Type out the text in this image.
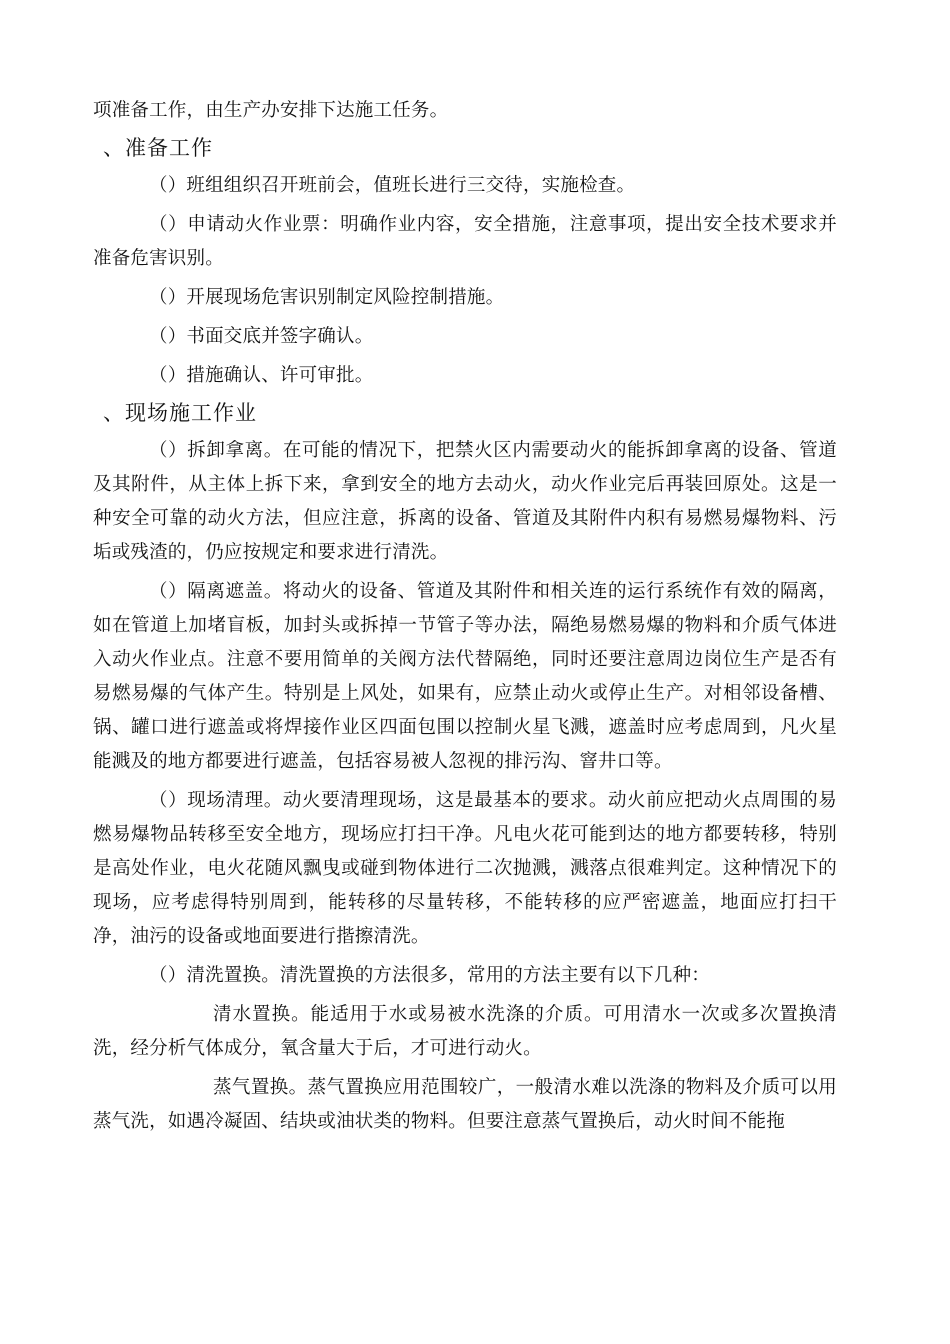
项准备工作，由生产办安排下达施工任务。

、准备工作

（）班组组织召开班前会，值班长进行三交待，实施检查。

（）申请动火作业票：明确作业内容，安全措施，注意事项，提出安全技术要求并准备危害识别。

（）开展现场危害识别制定风险控制措施。

（）书面交底并签字确认。

（）措施确认、许可审批。

、现场施工作业

（）拆卸拿离。在可能的情况下，把禁火区内需要动火的能拆卸拿离的设备、管道及其附件，从主体上拆下来，拿到安全的地方去动火，动火作业完后再装回原处。这是一种安全可靠的动火方法，但应注意，拆离的设备、管道及其附件内积有易燃易爆物料、污垢或残渣的，仍应按规定和要求进行清洗。

（）隔离遮盖。将动火的设备、管道及其附件和相关连的运行系统作有效的隔离，如在管道上加堵盲板，加封头或拆掉一节管子等办法，隔绝易燃易爆的物料和介质气体进入动火作业点。注意不要用简单的关阀方法代替隔绝，同时还要注意周边岗位生产是否有易燃易爆的气体产生。特别是上风处，如果有，应禁止动火或停止生产。对相邻设备槽、锅、罐口进行遮盖或将焊接作业区四面包围以控制火星飞溅，遮盖时应考虑周到，凡火星能溅及的地方都要进行遮盖，包括容易被人忽视的排污沟、窨井口等。

（）现场清理。动火要清理现场，这是最基本的要求。动火前应把动火点周围的易燃易爆物品转移至安全地方，现场应打扫干净。凡电火花可能到达的地方都要转移，特别是高处作业，电火花随风飘曳或碰到物体进行二次抛溅，溅落点很难判定。这种情况下的现场，应考虑得特别周到，能转移的尽量转移，不能转移的应严密遮盖，地面应打扫干净，油污的设备或地面要进行揩擦清洗。

（）清洗置换。清洗置换的方法很多，常用的方法主要有以下几种：

清水置换。能适用于水或易被水洗涤的介质。可用清水一次或多次置换清洗，经分析气体成分，氧含量大于后，才可进行动火。

蒸气置换。蒸气置换应用范围较广，一般清水难以洗涤的物料及介质可以用蒸气洗，如遇冷凝固、结块或油状类的物料。但要注意蒸气置换后，动火时间不能拖
